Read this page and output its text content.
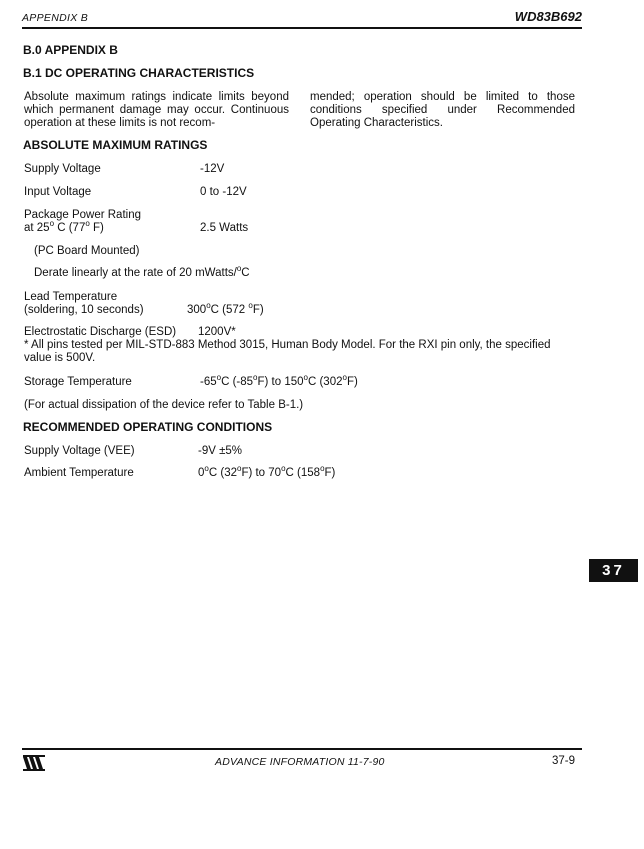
APPENDIX B	WD83B692
B.0 APPENDIX B
B.1 DC OPERATING CHARACTERISTICS
Absolute maximum ratings indicate limits beyond which permanent damage may occur. Continuous operation at these limits is not recom-
mended; operation should be limited to those conditions specified under Recommended Operating Characteristics.
ABSOLUTE MAXIMUM RATINGS
Supply Voltage	-12V
Input Voltage	0 to -12V
Package Power Rating
at 25$^o$ C (77$^o$ F)	2.5 Watts
(PC Board Mounted)
Derate linearly at the rate of 20 mWatts/$^o$C
Lead Temperature
(soldering, 10 seconds)	300$^o$C (572 $^o$F)
Electrostatic Discharge (ESD) 1200V*
* All pins tested per MIL-STD-883 Method 3015, Human Body Model. For the RXI pin only, the specified value is 500V.
Storage Temperature	-65$^o$C (-85$^o$F) to 150$^o$C (302$^o$F)
(For actual dissipation of the device refer to Table B-1.)
RECOMMENDED OPERATING CONDITIONS
Supply Voltage (VEE)	-9V ±5%
Ambient Temperature	0$^o$C (32$^o$F) to 70$^o$C (158$^o$F)
37
ADVANCE INFORMATION 11-7-90	37-9
